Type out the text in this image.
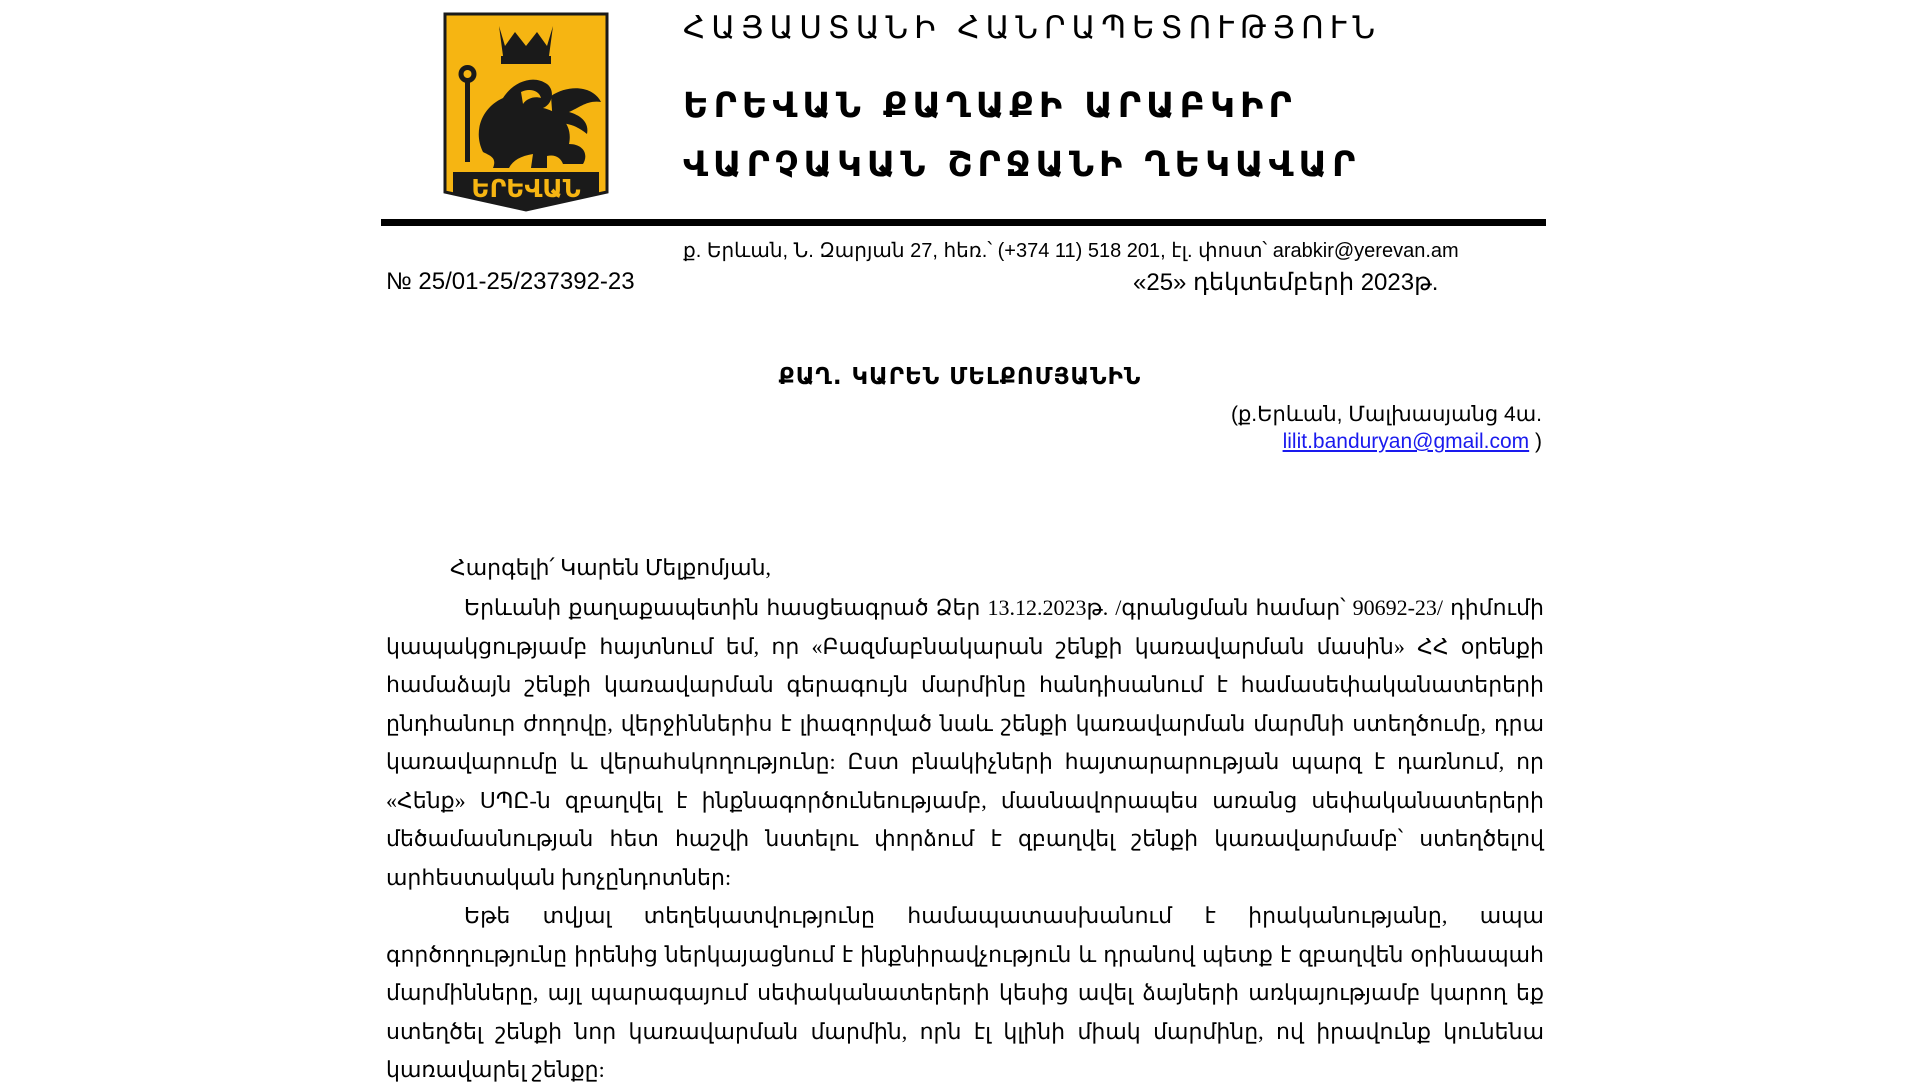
ԵՐԵՎԱՆ
ՀԱՅԱՍՏԱՆԻ ՀԱՆՐԱՊԵՏՈՒԹՅՈՒՆ
ԵՐԵՎԱՆ ՔԱՂԱՔԻ ԱՐԱԲԿԻՐ
ՎԱՐՉԱԿԱՆ ՇՐՋԱՆԻ ՂԵԿԱՎԱՐ
ք. Երևան, Ն. Զարյան 27, հեռ.՝ (+374 11) 518 201, էլ. փոստ՝ arabkir@yerevan.am
№ 25/01-25/237392-23	«25» դեկտեմբերի 2023թ.
ՔԱՂ. ԿԱՐԵՆ ՄԵԼՔՈՄՅԱՆԻՆ
(ք.Երևան, Մալխասյանց 4ա.
lilit.banduryan@gmail.com )
Հարգելի՛ Կարեն Մելքոմյան,

Երևանի քաղաքապետին հասցեագրած Ձեր 13.12.2023թ. /գրանցման համար՝ 90692-23/ դիմումի կապակցությամբ հայտնում եմ, որ «Բազմաբնակարան շենքի կառավարման մասին» ՀՀ օրենքի համաձայն շենքի կառավարման գերագույն մարմինը հանդիսանում է համասեփականատերերի ընդհանուր ժողովը, վերջիններիս է լիազորված նաև շենքի կառավարման մարմնի ստեղծումը, դրա կառավարումը և վերահսկողությունը: Ըստ բնակիչների հայտարարության պարզ է դառնում, որ «Հենք» ՍՊԸ-ն զբաղվել է ինքնագործունեությամբ, մասնավորապես առանց սեփականատերերի մեծամասնության հետ հաշվի նստելու փորձում է զբաղվել շենքի կառավարմամբ՝ ստեղծելով արհեստական խոչընդոտներ:

Եթե տվյալ տեղեկատվությունը համապատասխանում է իրականությանը, ապա գործողությունը իրենից ներկայացնում է ինքնիրավչություն և դրանով պետք է զբաղվեն օրինապահ մարմինները, այլ պարագայում սեփականատերերի կեսից ավել ձայների առկայությամբ կարող եք ստեղծել շենքի նոր կառավարման մարմին, որն էլ կլինի միակ մարմինը, ով իրավունք կունենա կառավարել շենքը:
